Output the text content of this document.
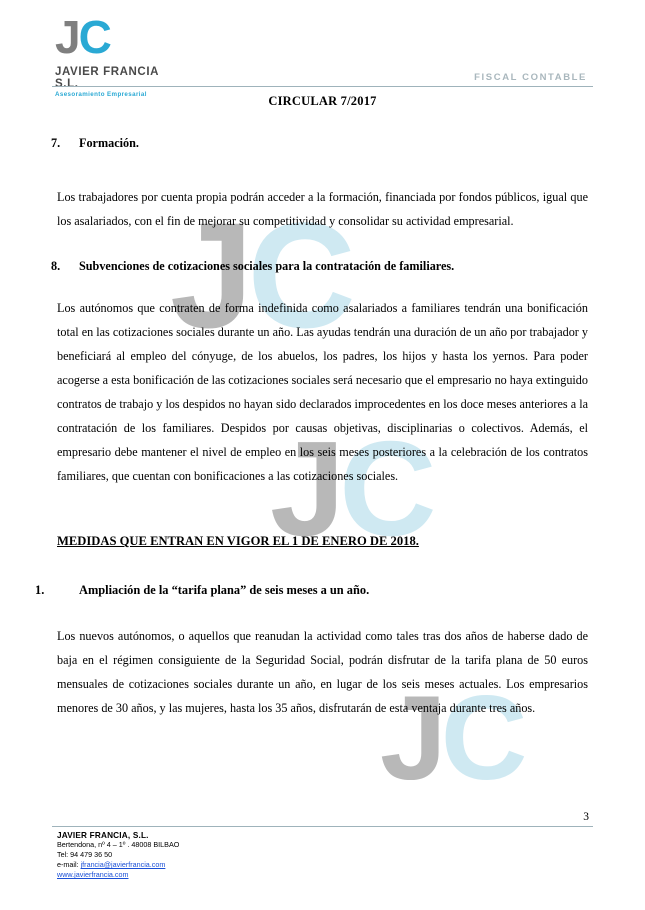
JC
JC
JC
JC
JAVIER FRANCIA S.L.
Asesoramiento Empresarial
FISCAL CONTABLE
CIRCULAR 7/2017
7. Formación.

Los trabajadores por cuenta propia podrán acceder a la formación, financiada por fondos públicos, igual que los asalariados, con el fin de mejorar su competitividad y consolidar su actividad empresarial.

8. Subvenciones de cotizaciones sociales para la contratación de familiares.

Los autónomos que contraten de forma indefinida como asalariados a familiares tendrán una bonificación total en las cotizaciones sociales durante un año. Las ayudas tendrán una duración de un año por trabajador y beneficiará al empleo del cónyuge, de los abuelos, los padres, los hijos y hasta los yernos. Para poder acogerse a esta bonificación de las cotizaciones sociales será necesario que el empresario no haya extinguido contratos de trabajo y los despidos no hayan sido declarados improcedentes en los doce meses anteriores a la contratación de los familiares. Despidos por causas objetivas, disciplinarias o colectivos. Además, el empresario debe mantener el nivel de empleo en los seis meses posteriores a la celebración de los contratos familiares, que cuentan con bonificaciones a las cotizaciones sociales.

MEDIDAS QUE ENTRAN EN VIGOR EL 1 DE ENERO DE 2018.

1.	Ampliación de la “tarifa plana” de seis meses a un año.

Los nuevos autónomos, o aquellos que reanudan la actividad como tales tras dos años de haberse dado de baja en el régimen consiguiente de la Seguridad Social, podrán disfrutar de la tarifa plana de 50 euros mensuales de cotizaciones sociales durante un año, en lugar de los seis meses actuales. Los empresarios menores de 30 años, y las mujeres, hasta los 35 años, disfrutarán de esta ventaja durante tres años.

3
JAVIER FRANCIA, S.L.
Bertendona, nº 4 – 1º . 48008 BILBAO
Tel: 94 479 36 50
e-mail: jfrancia@javierfrancia.com
www.javierfrancia.com
